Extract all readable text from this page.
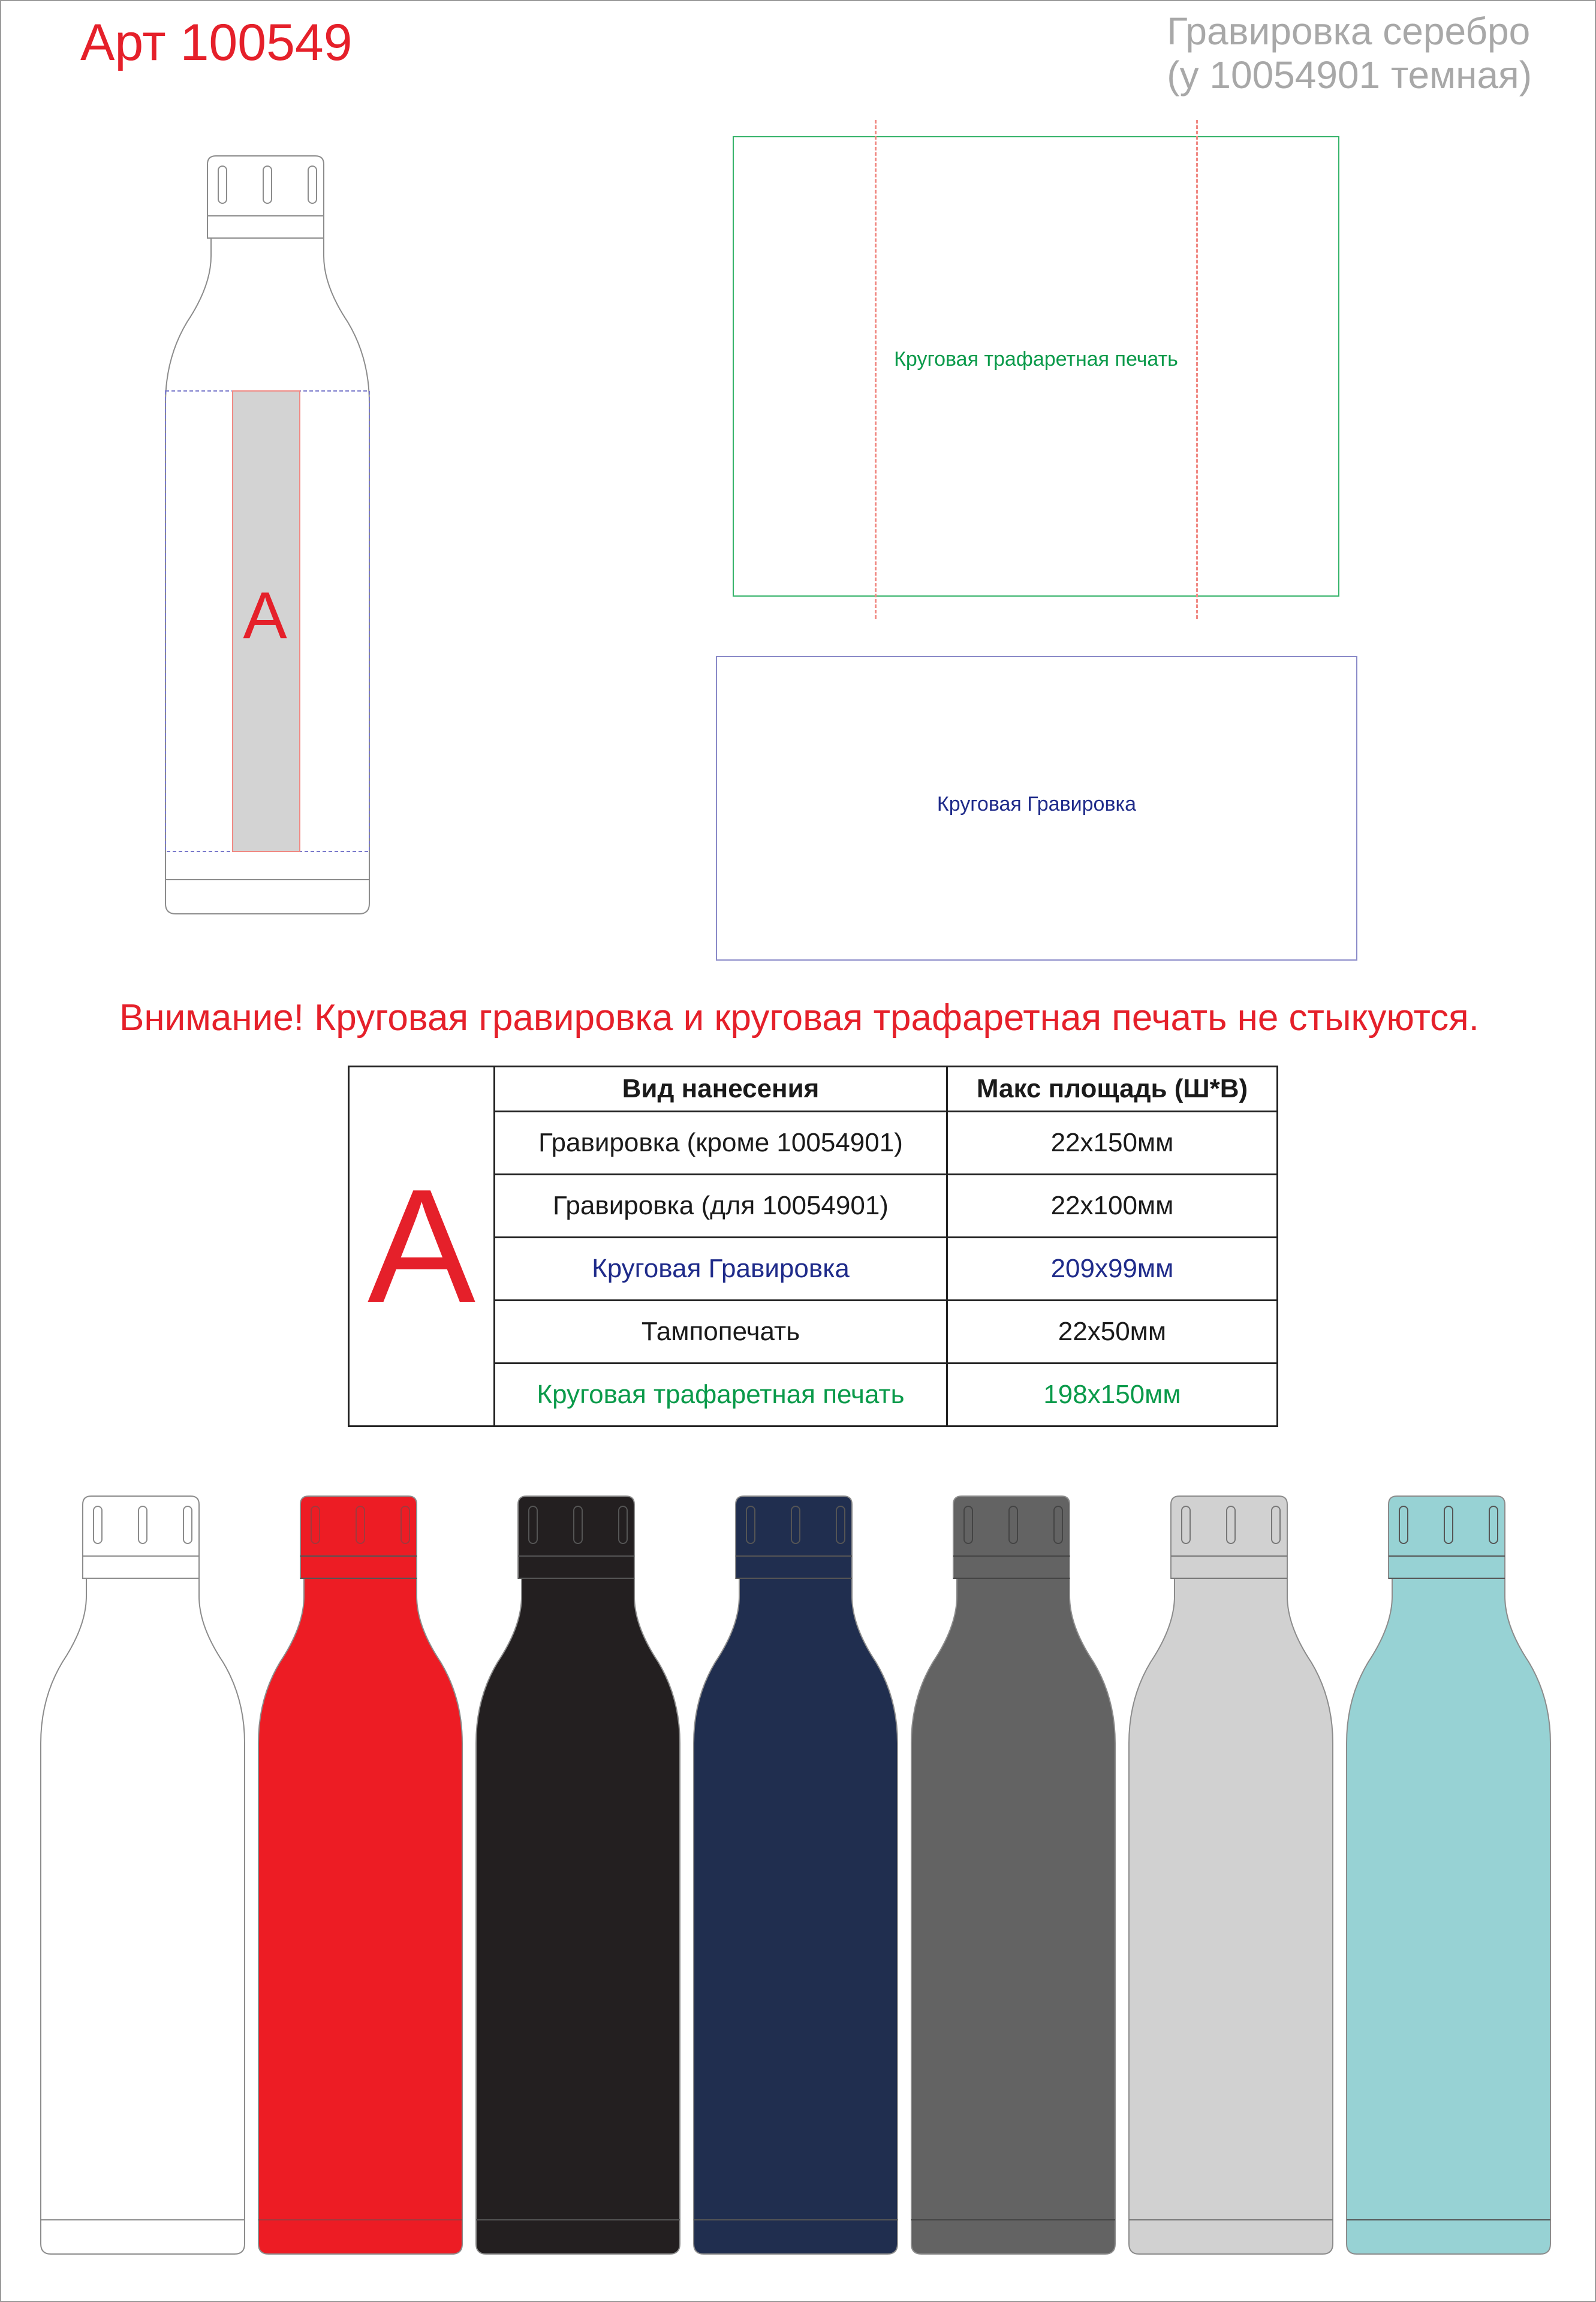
Арт 100549	Гравировка серебро
(у 10054901 темная)
A
Круговая трафаретная печать
Круговая Гравировка
Внимание! Круговая гравировка и круговая трафаретная печать не стыкуются.
A	Вид нанесения	Макс площадь (Ш*В)
	Гравировка (кроме 10054901)	22x150мм
	Гравировка (для 10054901)	22x100мм
	Круговая Гравировка	209x99мм
	Тампопечать	22x50мм
	Круговая трафаретная печать	198x150мм
